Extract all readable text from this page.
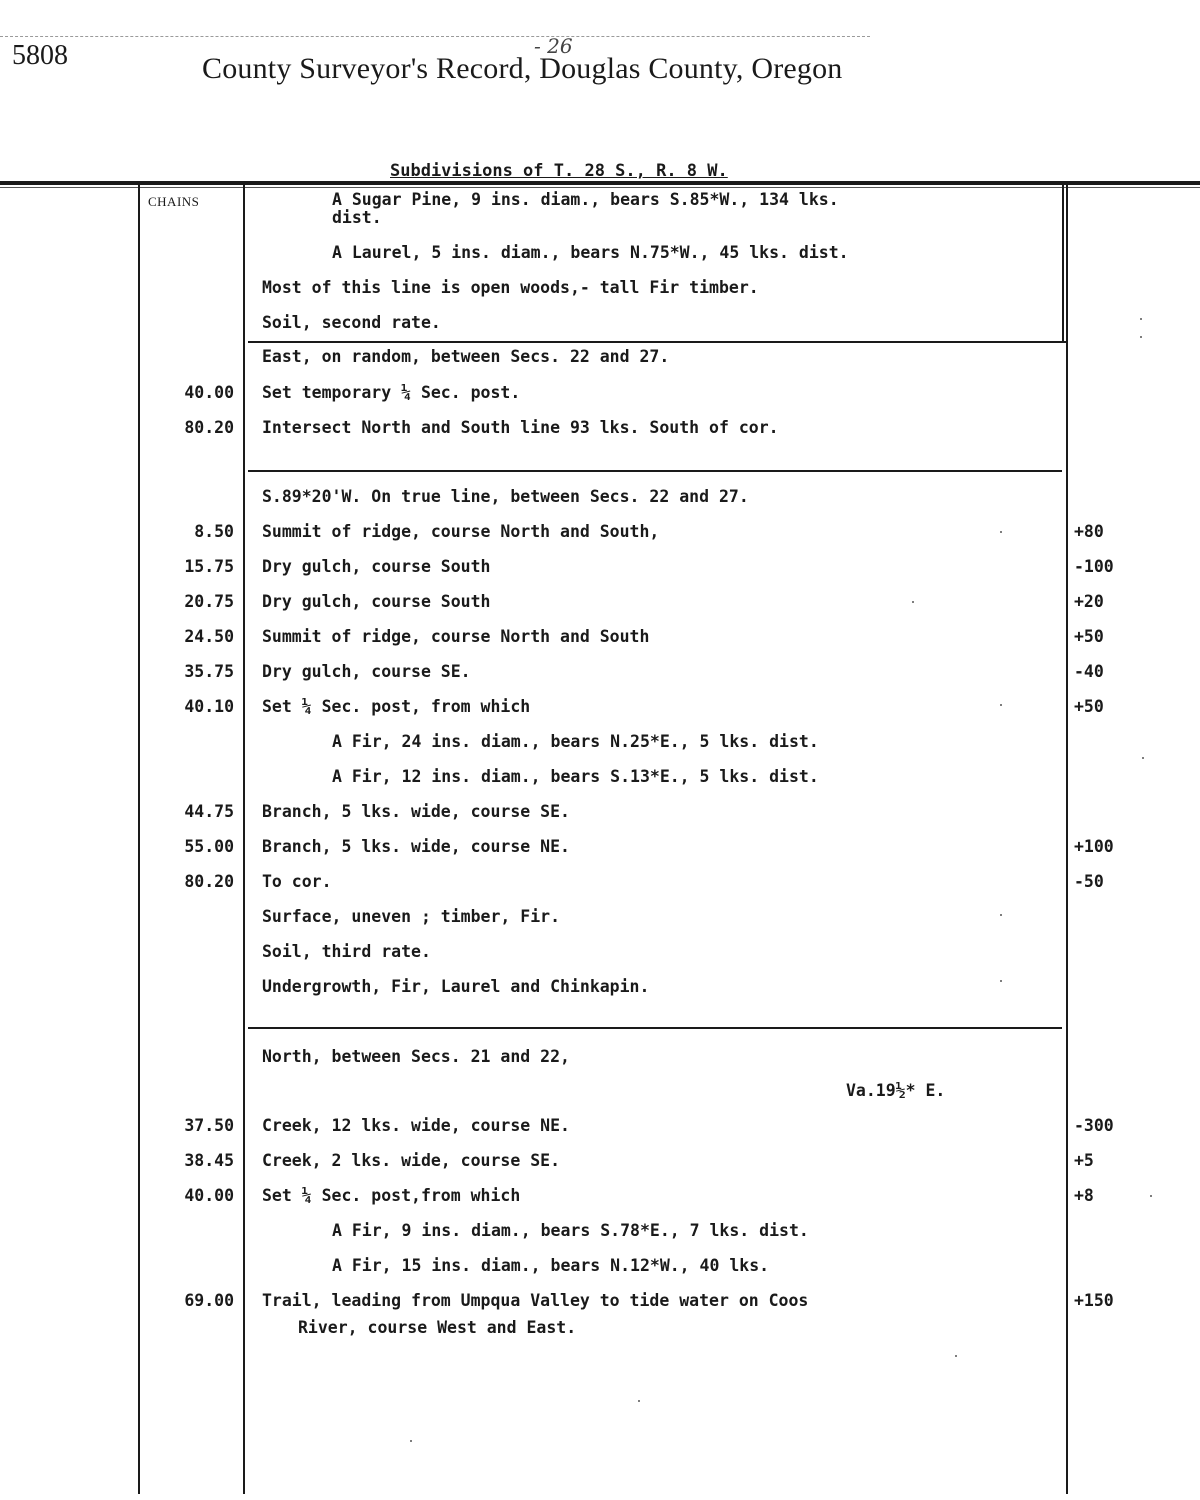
5808	- 26
County Surveyor's Record, Douglas County, Oregon
Subdivisions of T. 28 S., R. 8 W.
CHAINS	A Sugar Pine, 9 ins. diam., bears S.85*W., 134 lks.
dist.
A Laurel, 5 ins. diam., bears N.75*W., 45 lks. dist.
Most of this line is open woods,- tall Fir timber.
Soil, second rate.
East, on random, between Secs. 22 and 27.
40.00 Set temporary ¼ Sec. post.
80.20 Intersect North and South line 93 lks. South of cor.
S.89*20'W. On true line, between Secs. 22 and 27.
8.50 Summit of ridge, course North and South,	+80
15.75 Dry gulch, course South	-100
20.75 Dry gulch, course South	+20
24.50 Summit of ridge, course North and South	+50
35.75 Dry gulch, course SE.	-40
40.10 Set ¼ Sec. post, from which	+50
A Fir, 24 ins. diam., bears N.25*E., 5 lks. dist.
A Fir, 12 ins. diam., bears S.13*E., 5 lks. dist.
44.75 Branch, 5 lks. wide, course SE.
55.00 Branch, 5 lks. wide, course NE.	+100
80.20 To cor.	-50
Surface, uneven ; timber, Fir.
Soil, third rate.
Undergrowth, Fir, Laurel and Chinkapin.
North, between Secs. 21 and 22,
Va.19½* E.
37.50 Creek, 12 lks. wide, course NE.	-300
38.45 Creek, 2 lks. wide, course SE.	+5
40.00 Set ¼ Sec. post,from which	+8
A Fir, 9 ins. diam., bears S.78*E., 7 lks. dist.
A Fir, 15 ins. diam., bears N.12*W., 40 lks.
69.00 Trail, leading from Umpqua Valley to tide water on Coos	+150
River, course West and East.
